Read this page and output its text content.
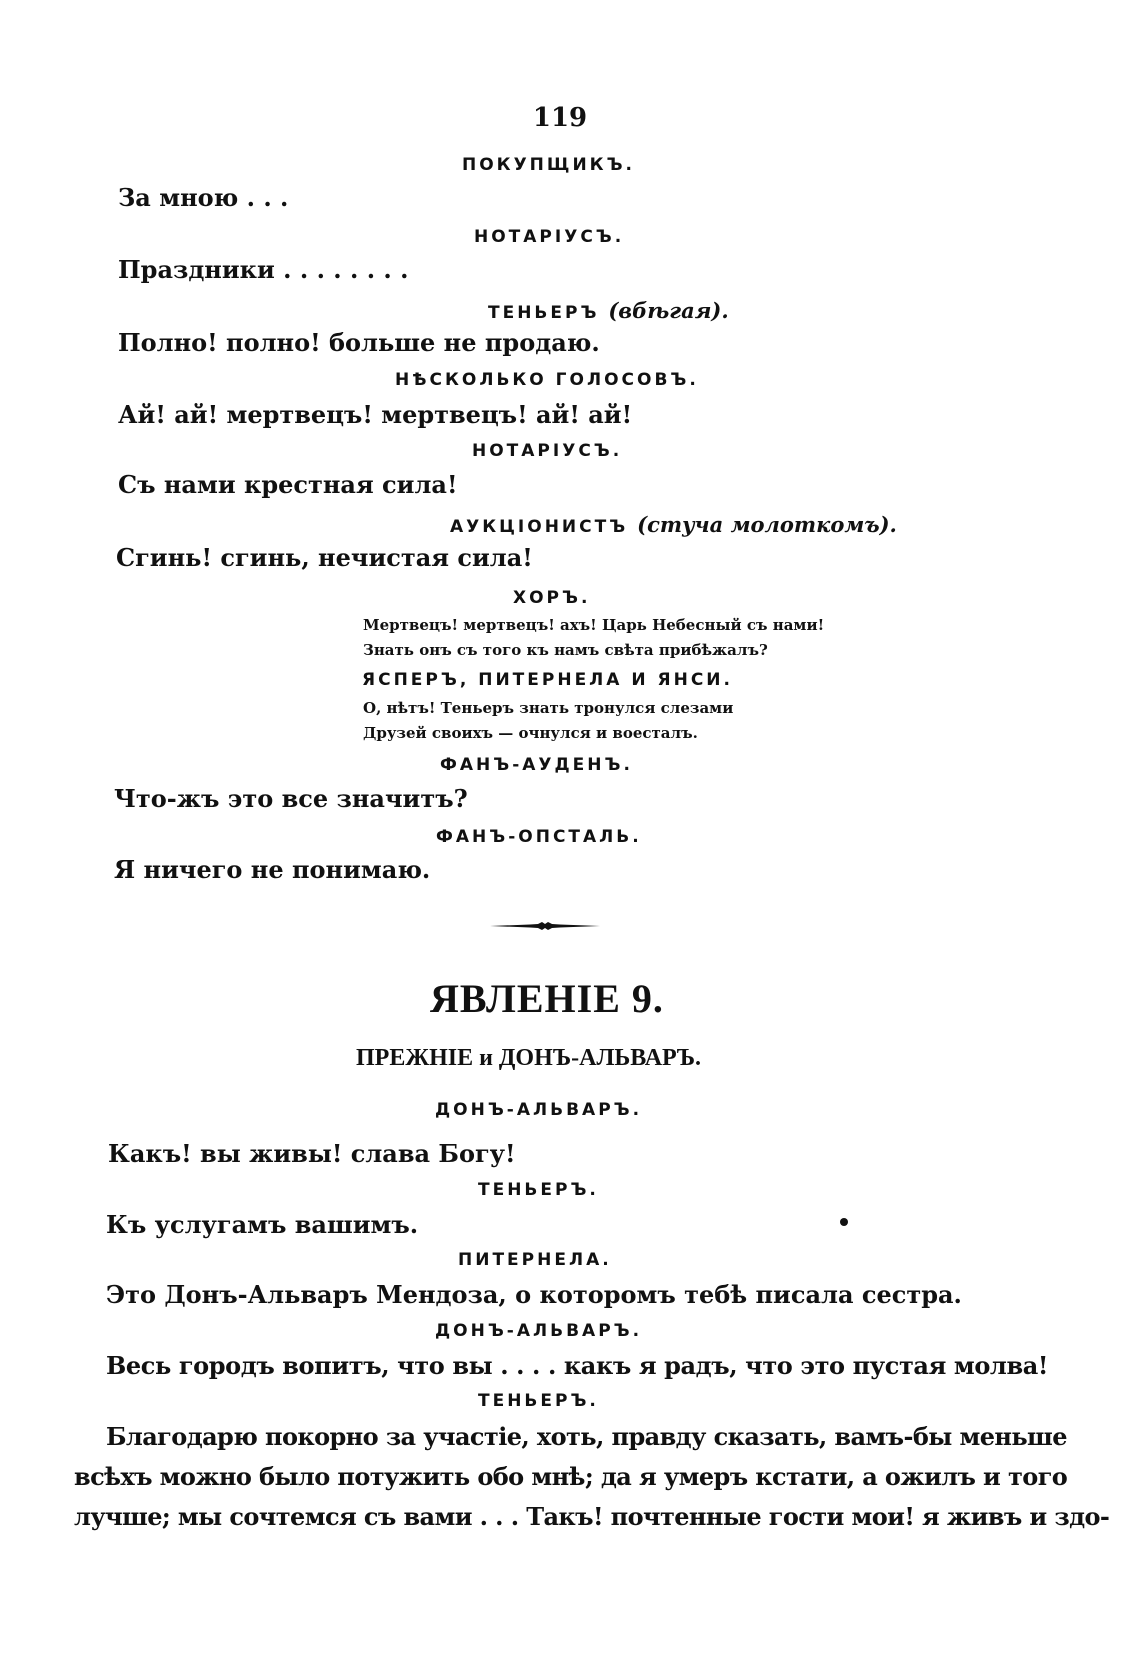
119
ПОКУПЩИКЪ.
За мною . . .
НОТАРІУСЪ.
Праздники . . . . . . . .
ТЕНЬЕРЪ (вбѣгая).
Полно! полно! больше не продаю.
НѢСКОЛЬКО ГОЛОСОВЪ.
Ай! ай! мертвецъ! мертвецъ! ай! ай!
НОТАРІУСЪ.
Съ нами крестная сила!
АУКЦІОНИСТЪ (стуча молоткомъ).
Сгинь! сгинь, нечистая сила!
ХОРЪ.
Мертвецъ! мертвецъ! ахъ! Царь Небесный съ нами!
Знать онъ съ того къ намъ свѣта прибѣжалъ?
ЯСПЕРЪ, ПИТЕРНЕЛА И ЯНСИ.
О, нѣтъ! Теньеръ знать тронулся слезами
Друзей своихъ — очнулся и воесталъ.
ФАНЪ-АУДЕНЪ.
Что-жъ это все значитъ?
ФАНЪ-ОПСТАЛЬ.
Я ничего не понимаю.
ЯВЛЕНІЕ 9.
ПРЕЖНІЕ и ДОНЪ-АЛЬВАРЪ.
ДОНЪ-АЛЬВАРЪ.
Какъ! вы живы! слава Богу!
ТЕНЬЕРЪ.
Къ услугамъ вашимъ.
ПИТЕРНЕЛА.
Это Донъ-Альваръ Мендоза, о которомъ тебѣ писала сестра.
ДОНЪ-АЛЬВАРЪ.
Весь городъ вопитъ, что вы . . . . какъ я радъ, что это пустая молва!
ТЕНЬЕРЪ.
Благодарю покорно за участіе, хоть, правду сказать, вамъ-бы меньше
всѣхъ можно было потужить обо мнѣ; да я умеръ кстати, а ожилъ и того
лучше; мы сочтемся съ вами . . . Такъ! почтенные гости мои! я живъ и здо-
